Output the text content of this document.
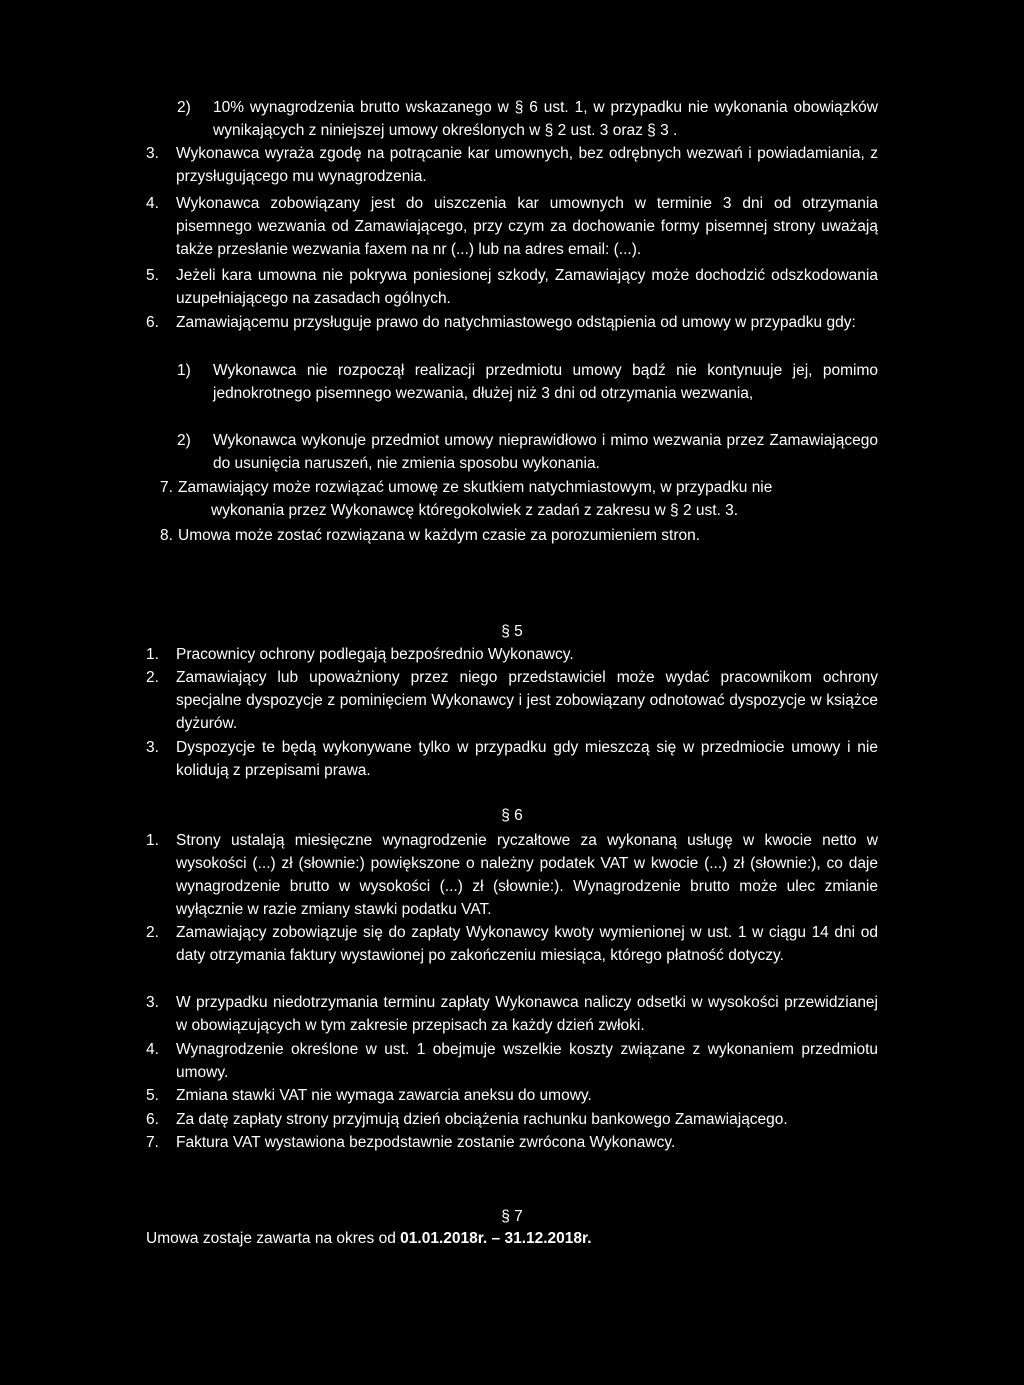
2)	10% wynagrodzenia brutto wskazanego w § 6 ust. 1, w przypadku nie wykonania obowiązków wynikających z niniejszej umowy określonych w § 2 ust. 3 oraz § 3 .
3.	Wykonawca wyraża zgodę na potrącanie kar umownych, bez odrębnych wezwań i powiadamiania, z przysługującego mu wynagrodzenia.
4.	Wykonawca zobowiązany jest do uiszczenia kar umownych w terminie 3 dni od otrzymania pisemnego wezwania od Zamawiającego, przy czym za dochowanie formy pisemnej strony uważają także przesłanie wezwania faxem na nr (...) lub na adres email: (...).
5.	Jeżeli kara umowna nie pokrywa poniesionej szkody, Zamawiający może dochodzić odszkodowania uzupełniającego na zasadach ogólnych.
6.	Zamawiającemu przysługuje prawo do natychmiastowego odstąpienia od umowy w przypadku gdy:
1)	Wykonawca nie rozpoczął realizacji przedmiotu umowy bądź nie kontynuuje jej, pomimo jednokrotnego pisemnego wezwania, dłużej niż 3 dni od otrzymania wezwania,
2)	Wykonawca wykonuje przedmiot umowy nieprawidłowo i mimo wezwania przez Zamawiającego do usunięcia naruszeń, nie zmienia sposobu wykonania.
7. Zamawiający może rozwiązać umowę ze skutkiem natychmiastowym, w przypadku nie
wykonania przez Wykonawcę któregokolwiek z zadań z zakresu w § 2 ust. 3.
8. Umowa może zostać rozwiązana w każdym czasie za porozumieniem stron.
§ 5
1.	Pracownicy ochrony podlegają bezpośrednio Wykonawcy.
2.	Zamawiający lub upoważniony przez niego przedstawiciel może wydać pracownikom ochrony specjalne dyspozycje z pominięciem Wykonawcy i jest zobowiązany odnotować dyspozycje w książce dyżurów.
3.	Dyspozycje te będą wykonywane tylko w przypadku gdy mieszczą się w przedmiocie umowy i nie kolidują z przepisami prawa.
§ 6
1.	Strony ustalają miesięczne wynagrodzenie ryczałtowe za wykonaną usługę w kwocie netto w wysokości (...) zł (słownie:) powiększone o należny podatek VAT w kwocie (...) zł (słownie:), co daje wynagrodzenie brutto w wysokości (...) zł (słownie:). Wynagrodzenie brutto może ulec zmianie wyłącznie w razie zmiany stawki podatku VAT.
2.	Zamawiający zobowiązuje się do zapłaty Wykonawcy kwoty wymienionej w ust. 1 w ciągu 14 dni od daty otrzymania faktury wystawionej po zakończeniu miesiąca, którego płatność dotyczy.
3.	W przypadku niedotrzymania terminu zapłaty Wykonawca naliczy odsetki w wysokości przewidzianej w obowiązujących w tym zakresie przepisach za każdy dzień zwłoki.
4.	Wynagrodzenie określone w ust. 1 obejmuje wszelkie koszty związane z wykonaniem przedmiotu umowy.
5.	Zmiana stawki VAT nie wymaga zawarcia aneksu do umowy.
6.	Za datę zapłaty strony przyjmują dzień obciążenia rachunku bankowego Zamawiającego.
7.	Faktura VAT wystawiona bezpodstawnie zostanie zwrócona Wykonawcy.
§ 7
Umowa zostaje zawarta na okres od 01.01.2018r. – 31.12.2018r.
